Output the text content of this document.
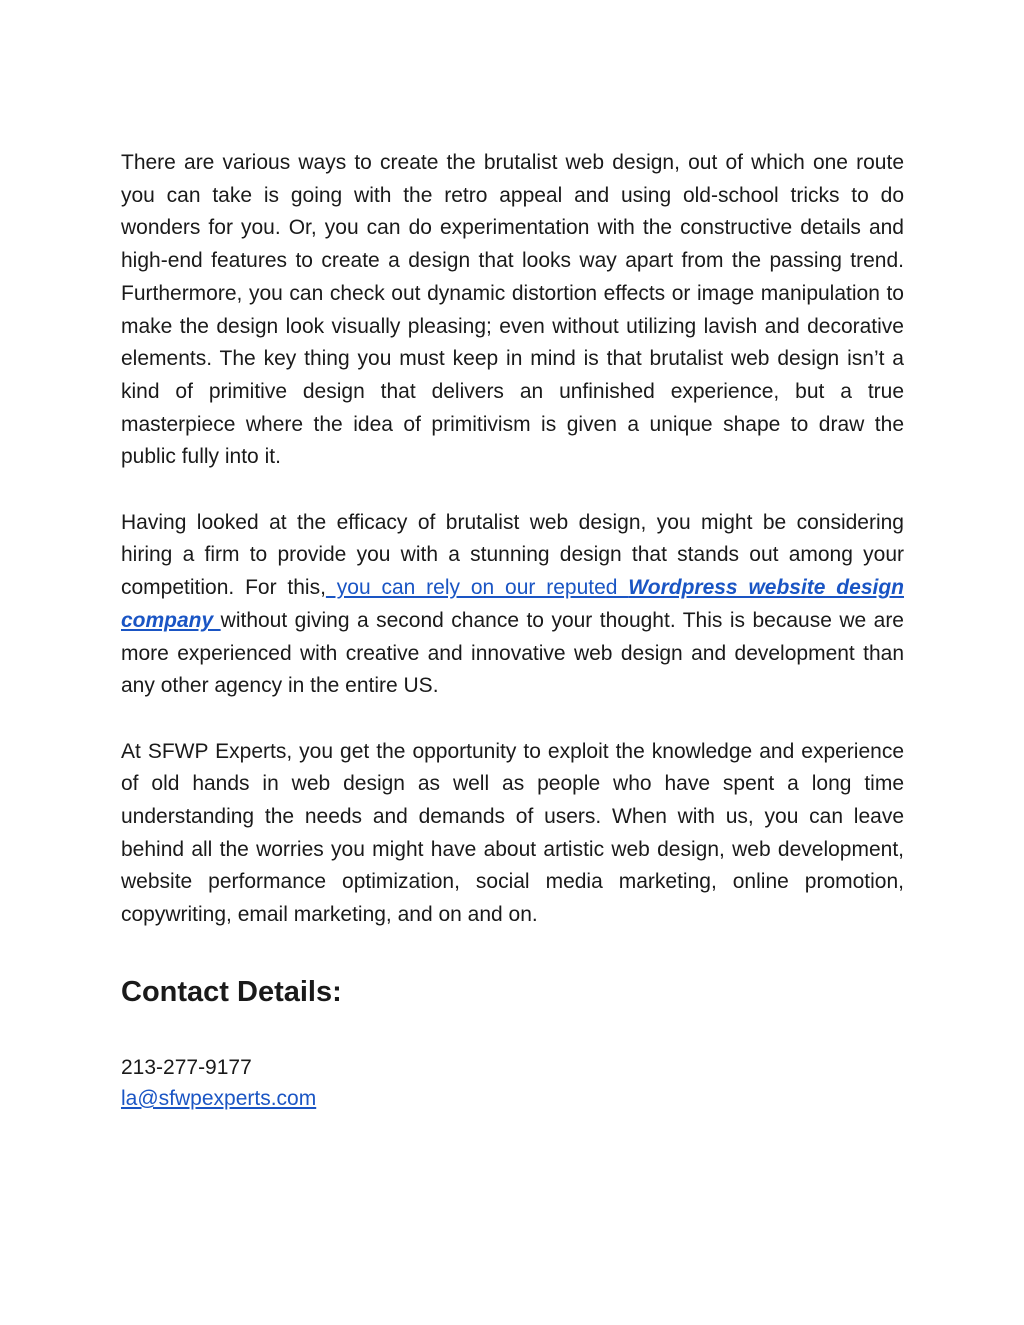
There are various ways to create the brutalist web design, out of which one route you can take is going with the retro appeal and using old-school tricks to do wonders for you. Or, you can do experimentation with the constructive details and high-end features to create a design that looks way apart from the passing trend. Furthermore, you can check out dynamic distortion effects or image manipulation to make the design look visually pleasing; even without utilizing lavish and decorative elements. The key thing you must keep in mind is that brutalist web design isn’t a kind of primitive design that delivers an unfinished experience, but a true masterpiece where the idea of primitivism is given a unique shape to draw the public fully into it.

Having looked at the efficacy of brutalist web design, you might be considering hiring a firm to provide you with a stunning design that stands out among your competition. For this, you can rely on our reputed Wordpress website design company without giving a second chance to your thought. This is because we are more experienced with creative and innovative web design and development than any other agency in the entire US.

At SFWP Experts, you get the opportunity to exploit the knowledge and experience of old hands in web design as well as people who have spent a long time understanding the needs and demands of users. When with us, you can leave behind all the worries you might have about artistic web design, web development, website performance optimization, social media marketing, online promotion, copywriting, email marketing, and on and on.

Contact Details:
213-277-9177
la@sfwpexperts.com
